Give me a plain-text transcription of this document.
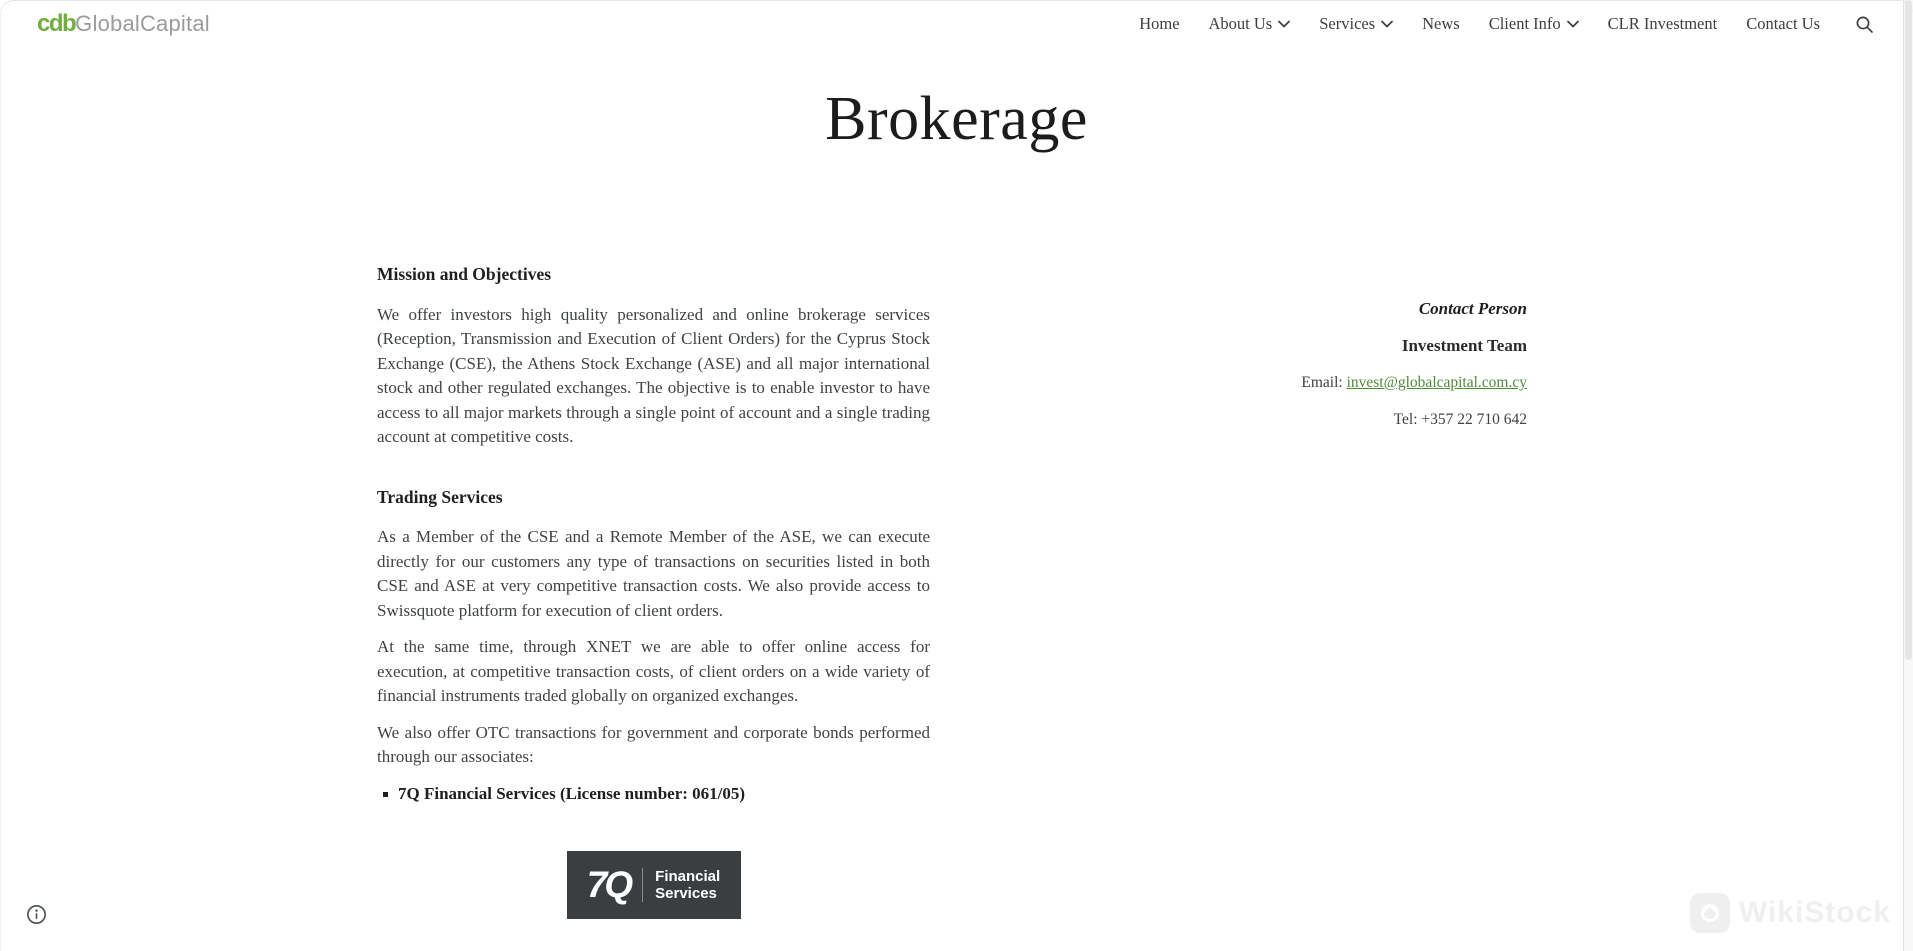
cdb GlobalCapital	Home About Us	Services	News Client Info	CLR Investment Contact Us
Brokerage
Mission and Objectives

We offer investors high quality personalized and online brokerage services (Reception, Transmission and Execution of Client Orders) for the Cyprus Stock Exchange (CSE), the Athens Stock Exchange (ASE) and all major international stock and other regulated exchanges. The objective is to enable investor to have access to all major markets through a single point of account and a single trading account at competitive costs.

Trading Services

As a Member of the CSE and a Remote Member of the ASE, we can execute directly for our customers any type of transactions on securities listed in both CSE and ASE at very competitive transaction costs. We also provide access to Swissquote platform for execution of client orders.

At the same time, through XNET we are able to offer online access for execution, at competitive transaction costs, of client orders on a wide variety of financial instruments traded globally on organized exchanges.

We also offer OTC transactions for government and corporate bonds performed through our associates:

7Q Financial Services (License number: 061/05)
7Q Financial
Services
Contact Person
Investment Team
Email: invest@globalcapital.com.cy
Tel: +357 22 710 642
WikiStock
